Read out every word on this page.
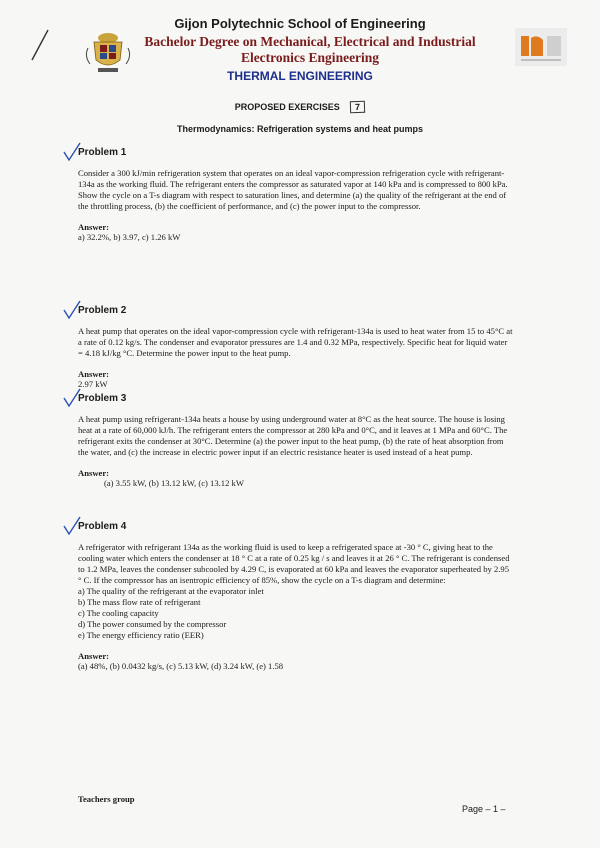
Gijon Polytechnic School of Engineering
Bachelor Degree on Mechanical, Electrical and Industrial Electronics Engineering
THERMAL ENGINEERING
PROPOSED EXERCISES 7
Thermodynamics: Refrigeration systems and heat pumps
Problem 1

Consider a 300 kJ/min refrigeration system that operates on an ideal vapor-compression refrigeration cycle with refrigerant-134a as the working fluid. The refrigerant enters the compressor as saturated vapor at 140 kPa and is compressed to 800 kPa. Show the cycle on a T-s diagram with respect to saturation lines, and determine (a) the quality of the refrigerant at the end of the throttling process, (b) the coefficient of performance, and (c) the power input to the compressor.

Answer:
a) 32.2%, b) 3.97, c) 1.26 kW
Problem 2

A heat pump that operates on the ideal vapor-compression cycle with refrigerant-134a is used to heat water from 15 to 45°C at a rate of 0.12 kg/s. The condenser and evaporator pressures are 1.4 and 0.32 MPa, respectively. Specific heat for liquid water = 4.18 kJ/kg °C. Determine the power input to the heat pump.

Answer:
2.97 kW
Problem 3

A heat pump using refrigerant-134a heats a house by using underground water at 8°C as the heat source. The house is losing heat at a rate of 60,000 kJ/h. The refrigerant enters the compressor at 280 kPa and 0°C, and it leaves at 1 MPa and 60°C. The refrigerant exits the condenser at 30°C. Determine (a) the power input to the heat pump, (b) the rate of heat absorption from the water, and (c) the increase in electric power input if an electric resistance heater is used instead of a heat pump.

Answer:
(a) 3.55 kW, (b) 13.12 kW, (c) 13.12 kW
Problem 4

A refrigerator with refrigerant 134a as the working fluid is used to keep a refrigerated space at -30 ° C, giving heat to the cooling water which enters the condenser at 18 ° C at a rate of 0.25 kg / s and leaves it at 26 ° C. The refrigerant is condensed to 1.2 MPa, leaves the condenser subcooled by 4.29 C, is evaporated at 60 kPa and leaves the evaporator superheated by 2.95 ° C. If the compressor has an isentropic efficiency of 85%, show the cycle on a T-s diagram and determine:

a) The quality of the refrigerant at the evaporator inlet
b) The mass flow rate of refrigerant
c) The cooling capacity
d) The power consumed by the compressor
e) The energy efficiency ratio (EER)
Answer:
(a) 48%, (b) 0.0432 kg/s, (c) 5.13 kW, (d) 3.24 kW, (e) 1.58
Teachers group
Page – 1 –
